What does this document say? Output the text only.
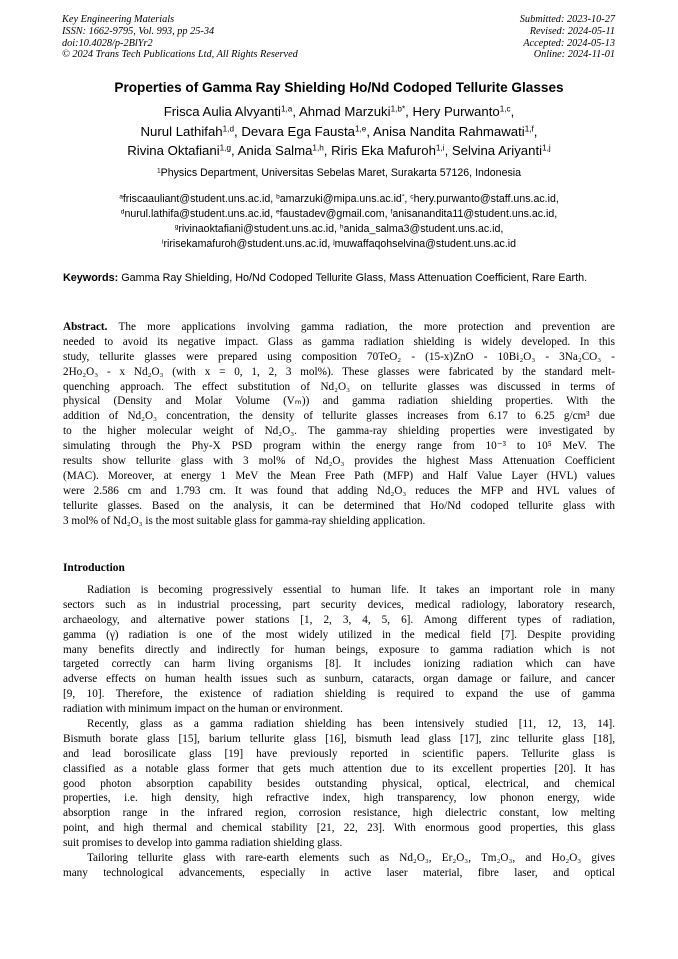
Key Engineering Materials
ISSN: 1662-9795, Vol. 993, pp 25-34
doi:10.4028/p-2BlYr2
© 2024 Trans Tech Publications Ltd, All Rights Reserved
Submitted: 2023-10-27
Revised: 2024-05-11
Accepted: 2024-05-13
Online: 2024-11-01
Properties of Gamma Ray Shielding Ho/Nd Codoped Tellurite Glasses
Frisca Aulia Alvyanti$^{1,a}$, Ahmad Marzuki$^{1,b*}$, Hery Purwanto$^{1,c}$,
Nurul Lathifah$^{1,d}$, Devara Ega Fausta$^{1,e}$, Anisa Nandita Rahmawati$^{1,f}$,
Rivina Oktafiani$^{1,g}$, Anida Salma$^{1,h}$, Riris Eka Mafuroh$^{1,i}$, Selvina Ariyanti$^{1,j}$
$^1$Physics Department, Universitas Sebelas Maret, Surakarta 57126, Indonesia
$^a$friscaauliant@student.uns.ac.id, $^b$amarzuki@mipa.uns.ac.id*, $^c$hery.purwanto@staff.uns.ac.id,
$^d$nurul.lathifa@student.uns.ac.id, $^e$faustadev@gmail.com, $^f$anisanandita11@student.uns.ac.id,
$^g$rivinaoktafiani@student.uns.ac.id, $^h$anida_salma3@student.uns.ac.id,
$^i$ririsekamafuroh@student.uns.ac.id, $^j$muwaffaqohselvina@student.uns.ac.id
Keywords: Gamma Ray Shielding, Ho/Nd Codoped Tellurite Glass, Mass Attenuation Coefficient, Rare Earth.
Abstract. The more applications involving gamma radiation, the more protection and prevention are
needed to avoid its negative impact. Glass as gamma radiation shielding is widely developed. In this
study, tellurite glasses were prepared using composition 70TeO₂ - (15-x)ZnO - 10Bi₂O₃ - 3Na₂CO₃ -
2Ho₂O₃ - x Nd₂O₃ (with x = 0, 1, 2, 3 mol%). These glasses were fabricated by the standard melt-
quenching approach. The effect substitution of Nd₂O₃ on tellurite glasses was discussed in terms of
physical (Density and Molar Volume (Vₘ)) and gamma radiation shielding properties. With the
addition of Nd₂O₃ concentration, the density of tellurite glasses increases from 6.17 to 6.25 g/cm³ due
to the higher molecular weight of Nd₂O₃. The gamma-ray shielding properties were investigated by
simulating through the Phy-X PSD program within the energy range from 10⁻³ to 10⁵ MeV. The
results show tellurite glass with 3 mol% of Nd₂O₃ provides the highest Mass Attenuation Coefficient
(MAC). Moreover, at energy 1 MeV the Mean Free Path (MFP) and Half Value Layer (HVL) values
were 2.586 cm and 1.793 cm. It was found that adding Nd₂O₃ reduces the MFP and HVL values of
tellurite glasses. Based on the analysis, it can be determined that Ho/Nd codoped tellurite glass with
3 mol% of Nd₂O₃ is the most suitable glass for gamma-ray shielding application.
Introduction
Radiation is becoming progressively essential to human life. It takes an important role in many
sectors such as in industrial processing, part security devices, medical radiology, laboratory research,
archaeology, and alternative power stations [1, 2, 3, 4, 5, 6]. Among different types of radiation,
gamma (γ) radiation is one of the most widely utilized in the medical field [7]. Despite providing
many benefits directly and indirectly for human beings, exposure to gamma radiation which is not
targeted correctly can harm living organisms [8]. It includes ionizing radiation which can have
adverse effects on human health issues such as sunburn, cataracts, organ damage or failure, and cancer
[9, 10]. Therefore, the existence of radiation shielding is required to expand the use of gamma
radiation with minimum impact on the human or environment.
Recently, glass as a gamma radiation shielding has been intensively studied [11, 12, 13, 14].
Bismuth borate glass [15], barium tellurite glass [16], bismuth lead glass [17], zinc tellurite glass [18],
and lead borosilicate glass [19] have previously reported in scientific papers. Tellurite glass is
classified as a notable glass former that gets much attention due to its excellent properties [20]. It has
good photon absorption capability besides outstanding physical, optical, electrical, and chemical
properties, i.e. high density, high refractive index, high transparency, low phonon energy, wide
absorption range in the infrared region, corrosion resistance, high dielectric constant, low melting
point, and high thermal and chemical stability [21, 22, 23]. With enormous good properties, this glass
suit promises to develop into gamma radiation shielding glass.
Tailoring tellurite glass with rare-earth elements such as Nd₂O₃, Er₂O₃, Tm₂O₃, and Ho₂O₃ gives
many technological advancements, especially in active laser material, fibre laser, and optical
